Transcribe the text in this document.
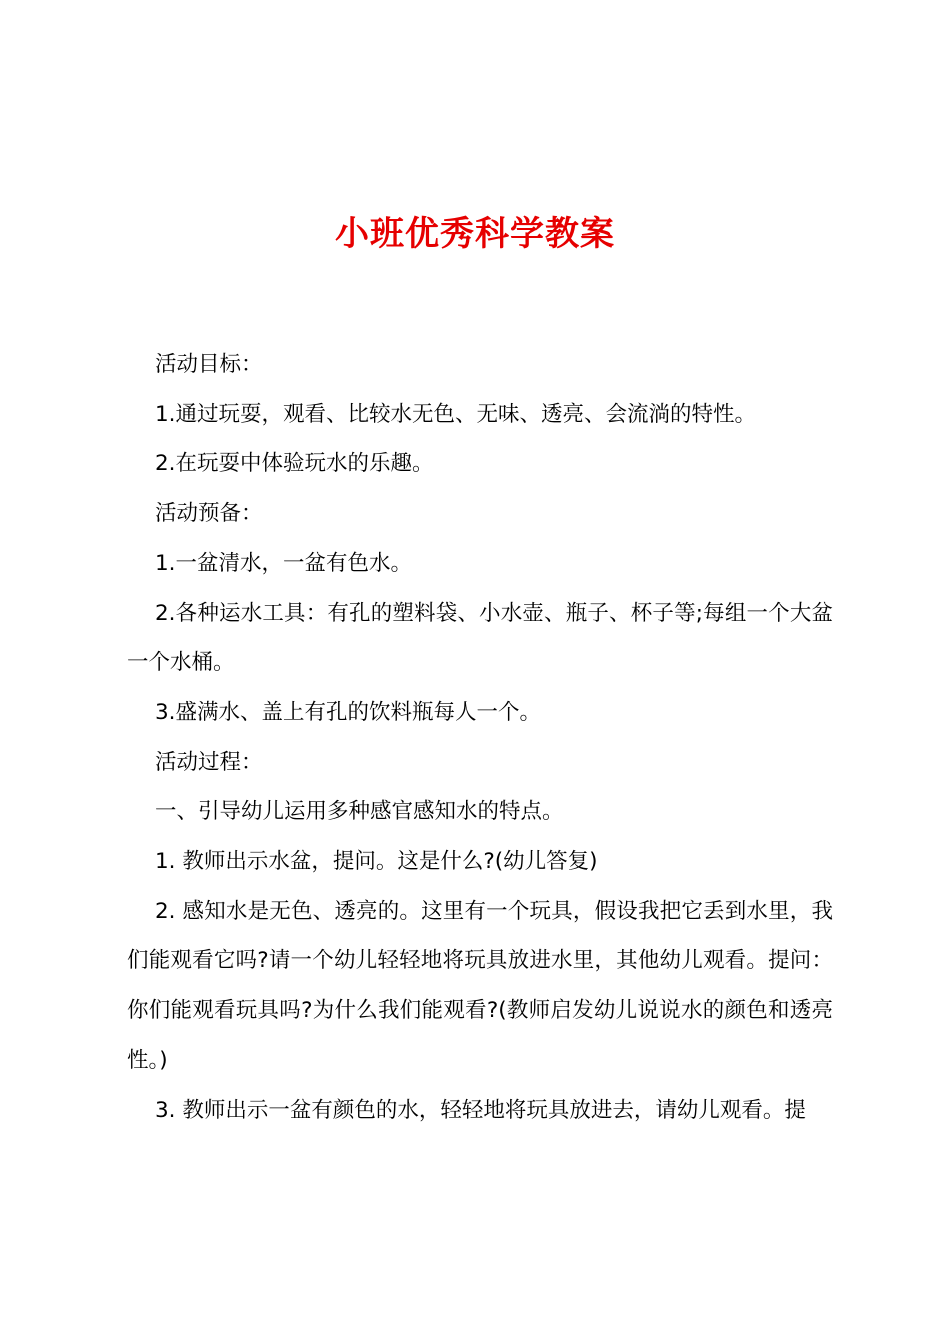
小班优秀科学教案

活动目标：

1.通过玩耍，观看、比较水无色、无味、透亮、会流淌的特性。

2.在玩耍中体验玩水的乐趣。

活动预备：

1.一盆清水，一盆有色水。

2.各种运水工具：有孔的塑料袋、小水壶、瓶子、杯子等;每组一个大盆一个水桶。

3.盛满水、盖上有孔的饮料瓶每人一个。

活动过程：

一、引导幼儿运用多种感官感知水的特点。

1. 教师出示水盆，提问。这是什么?(幼儿答复)

2. 感知水是无色、透亮的。这里有一个玩具，假设我把它丢到水里，我们能观看它吗?请一个幼儿轻轻地将玩具放进水里，其他幼儿观看。提问：你们能观看玩具吗?为什么我们能观看?(教师启发幼儿说说水的颜色和透亮性。)

3. 教师出示一盆有颜色的水，轻轻地将玩具放进去，请幼儿观看。提
